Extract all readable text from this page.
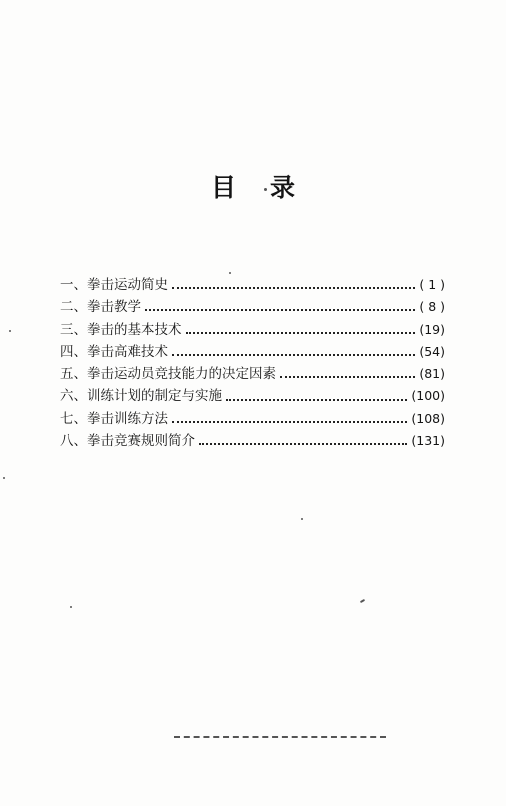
目 录
一、 拳击运动简史	( 1 )
二、 拳击教学	( 8 )
三、 拳击的基本技术	(19)
四、 拳击高难技术	(54)
五、 拳击运动员竞技能力的决定因素	(81)
六、 训练计划的制定与实施	(100)
七、 拳击训练方法	(108)
八、 拳击竞赛规则简介	(131)
